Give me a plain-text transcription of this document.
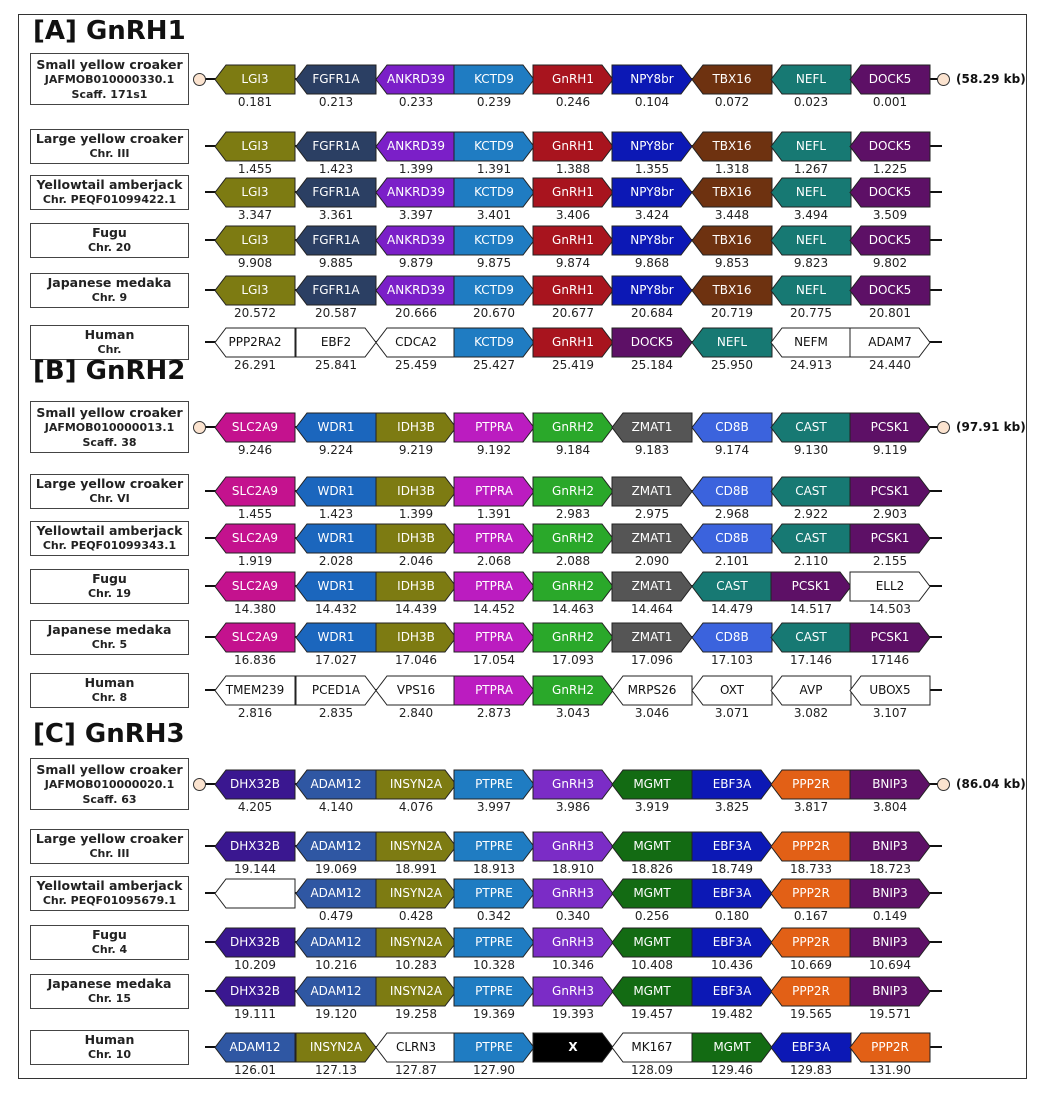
[A] GnRH1
Small yellow croaker
JAFMOB010000330.1
Scaff. 171s1
(58.29 kb)
LGI3
0.181
FGFR1A
0.213
ANKRD39
0.233
KCTD9
0.239
GnRH1
0.246
NPY8br
0.104
TBX16
0.072
NEFL
0.023
DOCK5
0.001
Large yellow croaker
Chr. III
LGI3
1.455
FGFR1A
1.423
ANKRD39
1.399
KCTD9
1.391
GnRH1
1.388
NPY8br
1.355
TBX16
1.318
NEFL
1.267
DOCK5
1.225
Yellowtail amberjack
Chr. PEQF01099422.1
LGI3
3.347
FGFR1A
3.361
ANKRD39
3.397
KCTD9
3.401
GnRH1
3.406
NPY8br
3.424
TBX16
3.448
NEFL
3.494
DOCK5
3.509
Fugu
Chr. 20
LGI3
9.908
FGFR1A
9.885
ANKRD39
9.879
KCTD9
9.875
GnRH1
9.874
NPY8br
9.868
TBX16
9.853
NEFL
9.823
DOCK5
9.802
Japanese medaka
Chr. 9
LGI3
20.572
FGFR1A
20.587
ANKRD39
20.666
KCTD9
20.670
GnRH1
20.677
NPY8br
20.684
TBX16
20.719
NEFL
20.775
DOCK5
20.801
Human
Chr.
PPP2RA2
26.291
EBF2
25.841
CDCA2
25.459
KCTD9
25.427
GnRH1
25.419
DOCK5
25.184
NEFL
25.950
NEFM
24.913
ADAM7
24.440
[B] GnRH2
Small yellow croaker
JAFMOB010000013.1
Scaff. 38
(97.91 kb)
SLC2A9
9.246
WDR1
9.224
IDH3B
9.219
PTPRA
9.192
GnRH2
9.184
ZMAT1
9.183
CD8B
9.174
CAST
9.130
PCSK1
9.119
Large yellow croaker
Chr. VI
SLC2A9
1.455
WDR1
1.423
IDH3B
1.399
PTPRA
1.391
GnRH2
2.983
ZMAT1
2.975
CD8B
2.968
CAST
2.922
PCSK1
2.903
Yellowtail amberjack
Chr. PEQF01099343.1
SLC2A9
1.919
WDR1
2.028
IDH3B
2.046
PTPRA
2.068
GnRH2
2.088
ZMAT1
2.090
CD8B
2.101
CAST
2.110
PCSK1
2.155
Fugu
Chr. 19
SLC2A9
14.380
WDR1
14.432
IDH3B
14.439
PTPRA
14.452
GnRH2
14.463
ZMAT1
14.464
CAST
14.479
PCSK1
14.517
ELL2
14.503
Japanese medaka
Chr. 5
SLC2A9
16.836
WDR1
17.027
IDH3B
17.046
PTPRA
17.054
GnRH2
17.093
ZMAT1
17.096
CD8B
17.103
CAST
17.146
PCSK1
17146
Human
Chr. 8
TMEM239
2.816
PCED1A
2.835
VPS16
2.840
PTPRA
2.873
GnRH2
3.043
MRPS26
3.046
OXT
3.071
AVP
3.082
UBOX5
3.107
[C] GnRH3
Small yellow croaker
JAFMOB010000020.1
Scaff. 63
(86.04 kb)
DHX32B
4.205
ADAM12
4.140
INSYN2A
4.076
PTPRE
3.997
GnRH3
3.986
MGMT
3.919
EBF3A
3.825
PPP2R
3.817
BNIP3
3.804
Large yellow croaker
Chr. III
DHX32B
19.144
ADAM12
19.069
INSYN2A
18.991
PTPRE
18.913
GnRH3
18.910
MGMT
18.826
EBF3A
18.749
PPP2R
18.733
BNIP3
18.723
Yellowtail amberjack
Chr. PEQF01095679.1
ADAM12
0.479
INSYN2A
0.428
PTPRE
0.342
GnRH3
0.340
MGMT
0.256
EBF3A
0.180
PPP2R
0.167
BNIP3
0.149
Fugu
Chr. 4
DHX32B
10.209
ADAM12
10.216
INSYN2A
10.283
PTPRE
10.328
GnRH3
10.346
MGMT
10.408
EBF3A
10.436
PPP2R
10.669
BNIP3
10.694
Japanese medaka
Chr. 15
DHX32B
19.111
ADAM12
19.120
INSYN2A
19.258
PTPRE
19.369
GnRH3
19.393
MGMT
19.457
EBF3A
19.482
PPP2R
19.565
BNIP3
19.571
Human
Chr. 10
ADAM12
126.01
INSYN2A
127.13
CLRN3
127.87
PTPRE
127.90
X	MK167
128.09
MGMT
129.46
EBF3A
129.83
PPP2R
131.90
